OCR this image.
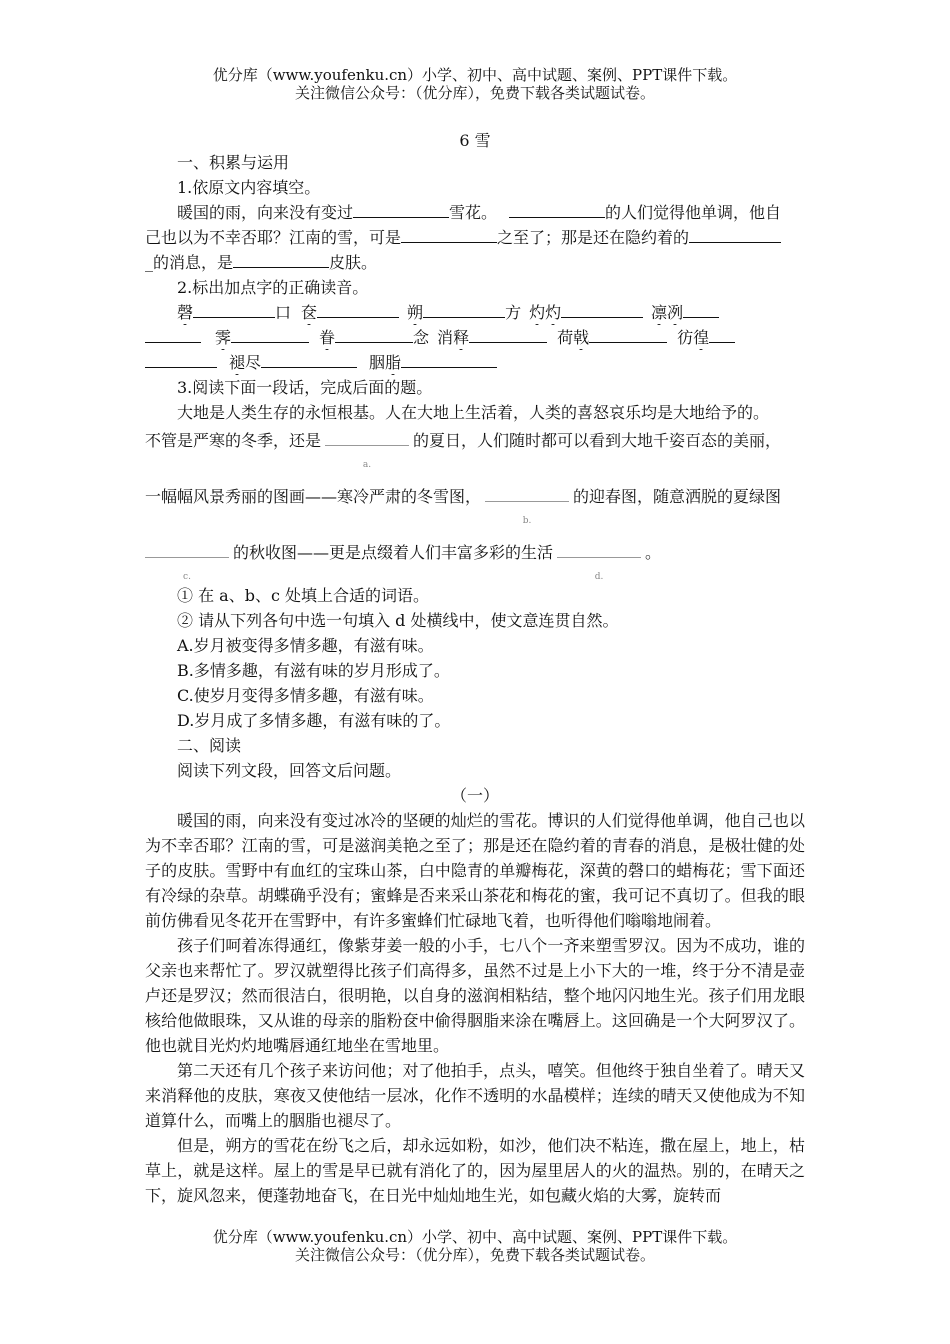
优分库（www.youfenku.cn）小学、初中、高中试题、案例、PPT课件下载。
关注微信公众号：（优分库），免费下载各类试题试卷。
6 雪
一、积累与运用
1.依原文内容填空。
暖国的雨，向来没有变过	雪花。	的人们觉得他单调，他自
己也以为不幸否耶？江南的雪，可是	之至了；那是还在隐约着的
_的消息，是	皮肤。
2.标出加点字的正确读音。
磬	口 奁	朔	方 灼灼	凛冽
霁	眷	念 消释	荷戟	彷徨
褪尽	胭脂
3.阅读下面一段话，完成后面的题。
大地是人类生存的永恒根基。人在大地上生活着，人类的喜怒哀乐均是大地给予的。
不管是严寒的冬季，还是
a.
的夏日，人们随时都可以看到大地千姿百态的美丽，
一幅幅风景秀丽的图画——寒冷严肃的冬雪图，
b.
的迎春图，随意洒脱的夏绿图
c.
的秋收图——更是点缀着人们丰富多彩的生活
d.
。
① 在 a、b、c 处填上合适的词语。
② 请从下列各句中选一句填入 d 处横线中，使文意连贯自然。
A.岁月被变得多情多趣，有滋有味。
B.多情多趣，有滋有味的岁月形成了。
C.使岁月变得多情多趣，有滋有味。
D.岁月成了多情多趣，有滋有味的了。
二、阅读
阅读下列文段，回答文后问题。
（一）

暖国的雨，向来没有变过冰冷的坚硬的灿烂的雪花。博识的人们觉得他单调，他自己也以为不幸否耶？江南的雪，可是滋润美艳之至了；那是还在隐约着的青春的消息，是极壮健的处子的皮肤。雪野中有血红的宝珠山茶，白中隐青的单瓣梅花，深黄的磬口的蜡梅花；雪下面还有冷绿的杂草。胡蝶确乎没有；蜜蜂是否来采山茶花和梅花的蜜，我可记不真切了。但我的眼前仿佛看见冬花开在雪野中，有许多蜜蜂们忙碌地飞着，也听得他们嗡嗡地闹着。

孩子们呵着冻得通红，像紫芽姜一般的小手，七八个一齐来塑雪罗汉。因为不成功，谁的父亲也来帮忙了。罗汉就塑得比孩子们高得多，虽然不过是上小下大的一堆，终于分不清是壶卢还是罗汉；然而很洁白，很明艳，以自身的滋润相粘结，整个地闪闪地生光。孩子们用龙眼核给他做眼珠，又从谁的母亲的脂粉奁中偷得胭脂来涂在嘴唇上。这回确是一个大阿罗汉了。他也就目光灼灼地嘴唇通红地坐在雪地里。

第二天还有几个孩子来访问他；对了他拍手，点头，嘻笑。但他终于独自坐着了。晴天又来消释他的皮肤，寒夜又使他结一层冰，化作不透明的水晶模样；连续的晴天又使他成为不知道算什么，而嘴上的胭脂也褪尽了。

但是，朔方的雪花在纷飞之后，却永远如粉，如沙，他们决不粘连，撒在屋上，地上，枯草上，就是这样。屋上的雪是早已就有消化了的，因为屋里居人的火的温热。别的，在晴天之下，旋风忽来，便蓬勃地奋飞，在日光中灿灿地生光，如包藏火焰的大雾，旋转而

优分库（www.youfenku.cn）小学、初中、高中试题、案例、PPT课件下载。
关注微信公众号：（优分库），免费下载各类试题试卷。
